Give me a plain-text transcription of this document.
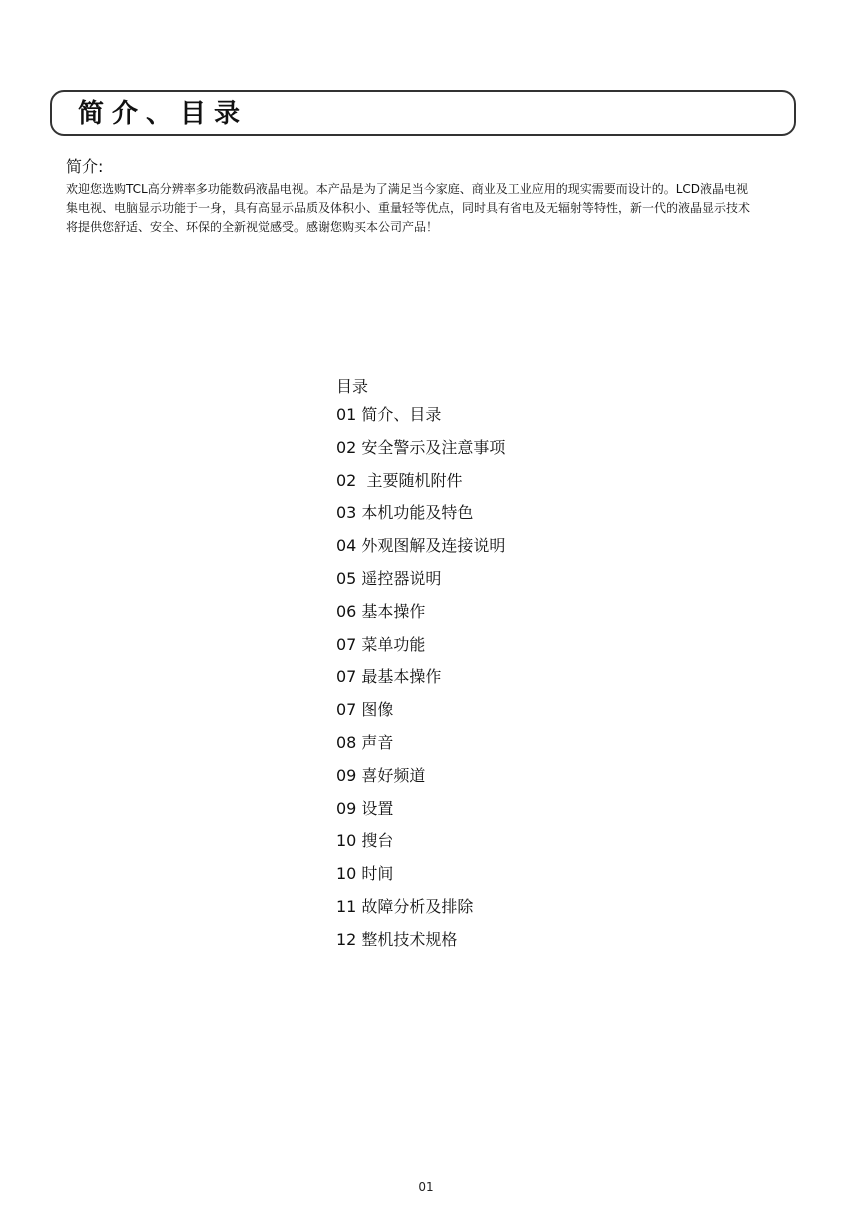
简介、目录
简介:
欢迎您选购TCL高分辨率多功能数码液晶电视。本产品是为了满足当今家庭、商业及工业应用的现实需要而设计的。LCD液晶电视集电视、电脑显示功能于一身，具有高显示品质及体积小、重量轻等优点，同时具有省电及无辐射等特性，新一代的液晶显示技术将提供您舒适、安全、环保的全新视觉感受。感谢您购买本公司产品！
目录
01 简介、目录
02 安全警示及注意事项
02 主要随机附件
03 本机功能及特色
04 外观图解及连接说明
05 遥控器说明
06 基本操作
07 菜单功能
07 最基本操作
07 图像
08 声音
09 喜好频道
09 设置
10 搜台
10 时间
11 故障分析及排除
12 整机技术规格
01
